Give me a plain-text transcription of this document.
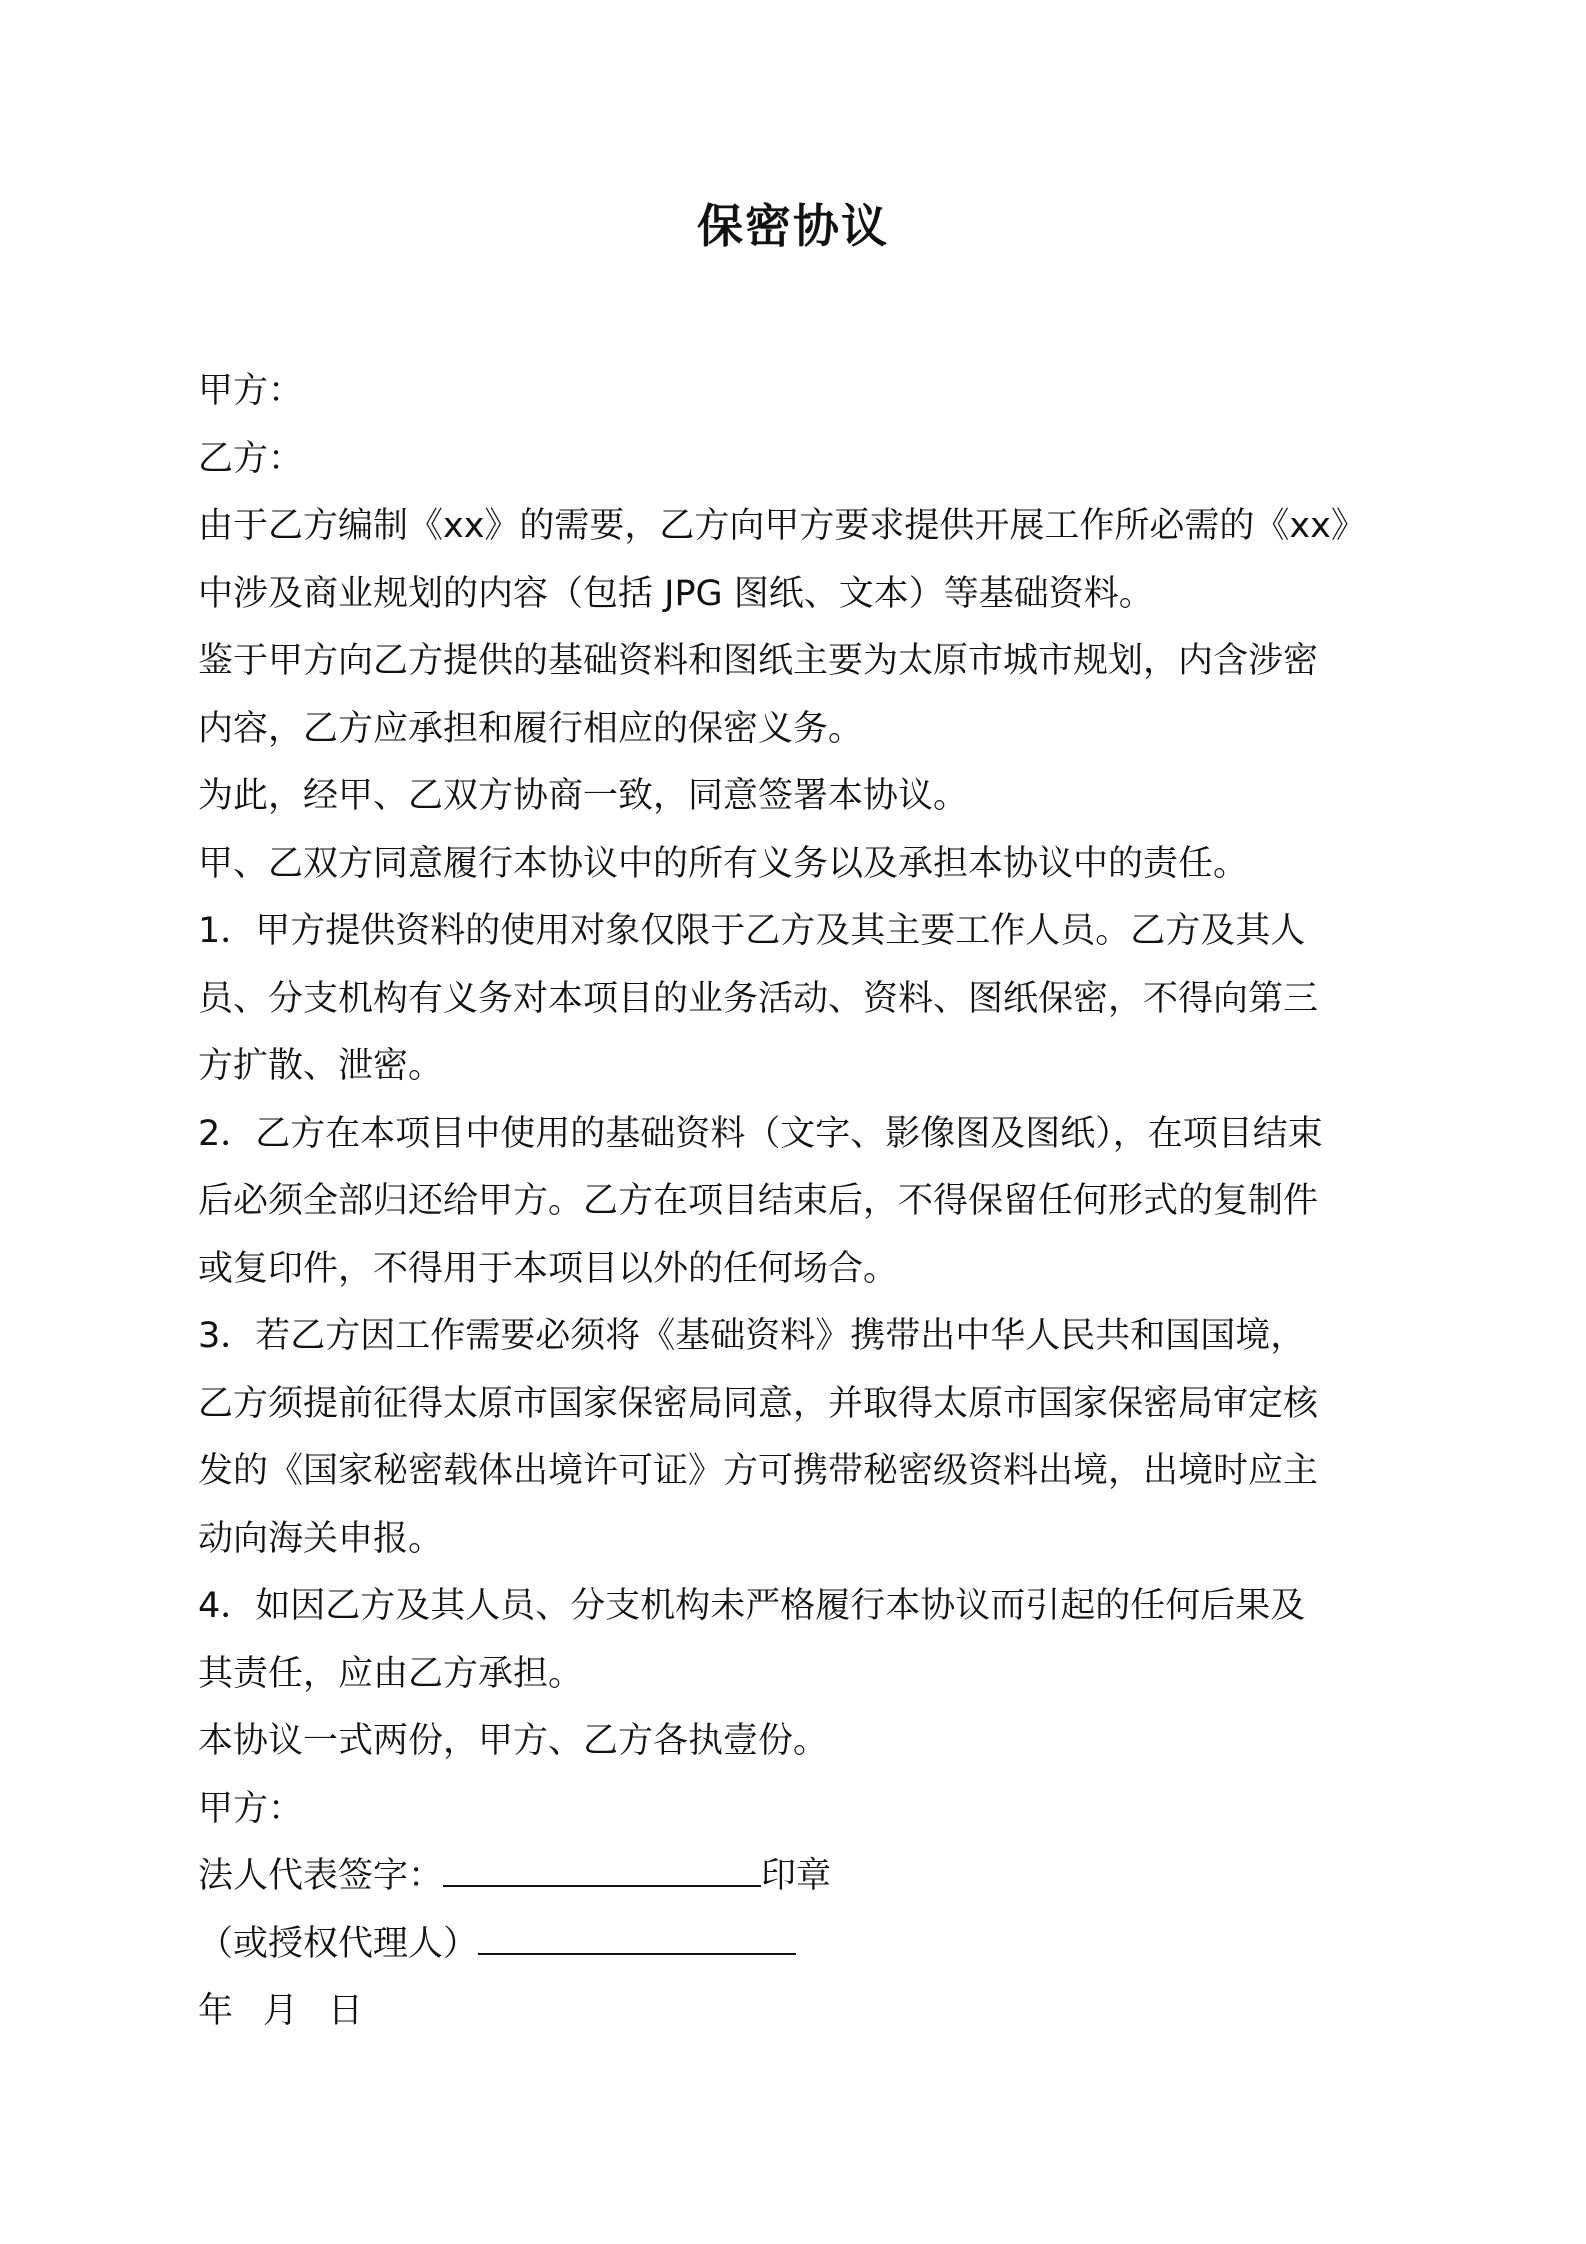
保密协议
甲方：
乙方：
由于乙方编制《xx》的需要，乙方向甲方要求提供开展工作所必需的《xx》
中涉及商业规划的内容（包括 JPG 图纸、文本）等基础资料。
鉴于甲方向乙方提供的基础资料和图纸主要为太原市城市规划，内含涉密
内容，乙方应承担和履行相应的保密义务。
为此，经甲、乙双方协商一致，同意签署本协议。
甲、乙双方同意履行本协议中的所有义务以及承担本协议中的责任。
1．甲方提供资料的使用对象仅限于乙方及其主要工作人员。乙方及其人
员、分支机构有义务对本项目的业务活动、资料、图纸保密，不得向第三
方扩散、泄密。
2．乙方在本项目中使用的基础资料（文字、影像图及图纸），在项目结束
后必须全部归还给甲方。乙方在项目结束后，不得保留任何形式的复制件
或复印件，不得用于本项目以外的任何场合。
3．若乙方因工作需要必须将《基础资料》携带出中华人民共和国国境，
乙方须提前征得太原市国家保密局同意，并取得太原市国家保密局审定核
发的《国家秘密载体出境许可证》方可携带秘密级资料出境，出境时应主
动向海关申报。
4．如因乙方及其人员、分支机构未严格履行本协议而引起的任何后果及
其责任，应由乙方承担。
本协议一式两份，甲方、乙方各执壹份。
甲方：
法人代表签字：	印章
（或授权代理人）
年 月 日
